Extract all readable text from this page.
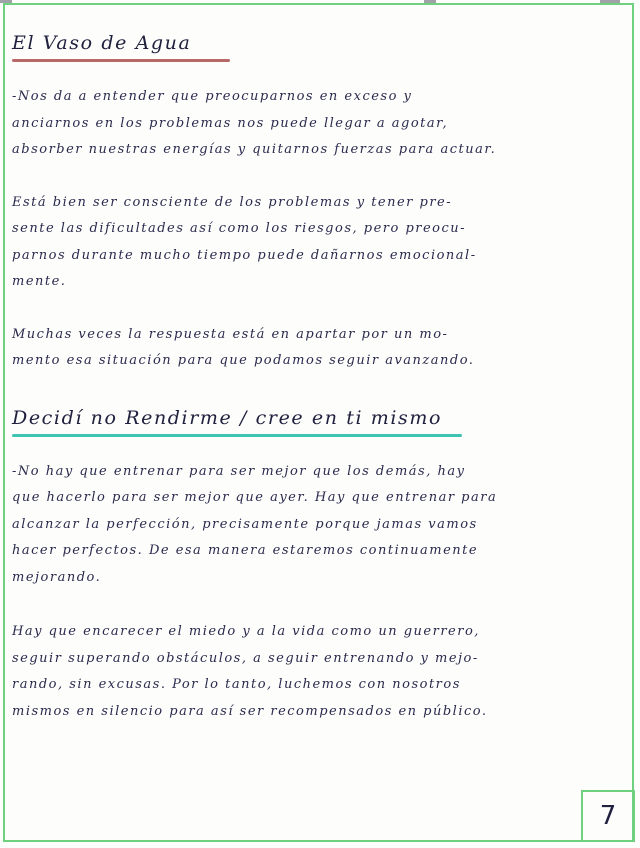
El Vaso de Agua

-Nos da a entender que preocuparnos en exceso y
anciarnos en los problemas nos puede llegar a agotar,
absorber nuestras energías y quitarnos fuerzas para actuar.

Está bien ser consciente de los problemas y tener pre-
sente las dificultades así como los riesgos, pero preocu-
parnos durante mucho tiempo puede dañarnos emocional-
mente.

Muchas veces la respuesta está en apartar por un mo-
mento esa situación para que podamos seguir avanzando.

Decidí no Rendirme / cree en ti mismo

-No hay que entrenar para ser mejor que los demás, hay
que hacerlo para ser mejor que ayer. Hay que entrenar para
alcanzar la perfección, precisamente porque jamas vamos
hacer perfectos. De esa manera estaremos continuamente
mejorando.

Hay que encarecer el miedo y a la vida como un guerrero,
seguir superando obstáculos, a seguir entrenando y mejo-
rando, sin excusas. Por lo tanto, luchemos con nosotros
mismos en silencio para así ser recompensados en público.

7
